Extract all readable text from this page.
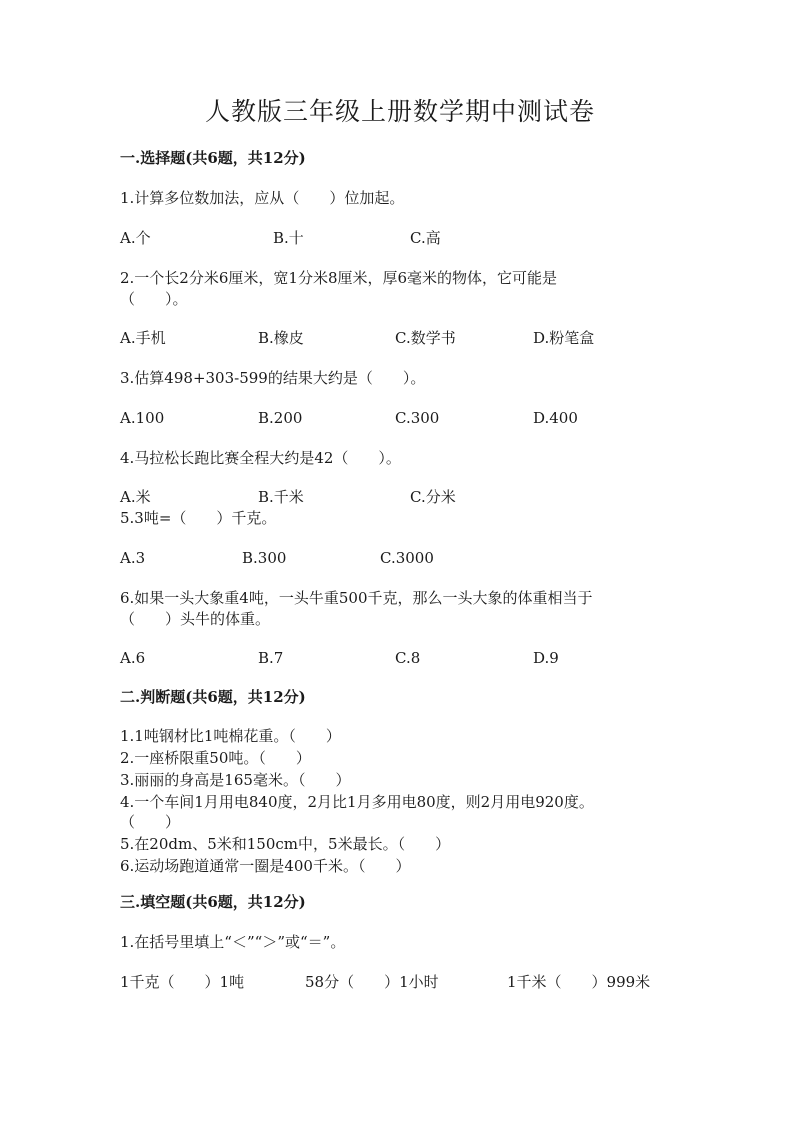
人教版三年级上册数学期中测试卷
一.选择题(共6题，共12分)
1.计算多位数加法，应从（　　）位加起。
A.个	B.十	C.高
2.一个长2分米6厘米，宽1分米8厘米，厚6毫米的物体，它可能是
（　　）。
A.手机	B.橡皮	C.数学书	D.粉笔盒
3.估算498+303-599的结果大约是（　　）。
A.100	B.200	C.300	D.400
4.马拉松长跑比赛全程大约是42（　　）。
A.米	B.千米	C.分米
5.3吨=（　　）千克。
A.3	B.300	C.3000
6.如果一头大象重4吨，一头牛重500千克，那么一头大象的体重相当于
（　　）头牛的体重。
A.6	B.7	C.8	D.9
二.判断题(共6题，共12分)
1.1吨钢材比1吨棉花重。（　　）
2.一座桥限重50吨。（　　）
3.丽丽的身高是165毫米。（　　）
4.一个车间1月用电840度，2月比1月多用电80度，则2月用电920度。
（　　）
5.在20dm、5米和150cm中，5米最长。（　　）
6.运动场跑道通常一圈是400千米。（　　）
三.填空题(共6题，共12分)
1.在括号里填上“＜”“＞”或“＝”。
1千克（　　）1吨	58分（　　）1小时	1千米（　　）999米
